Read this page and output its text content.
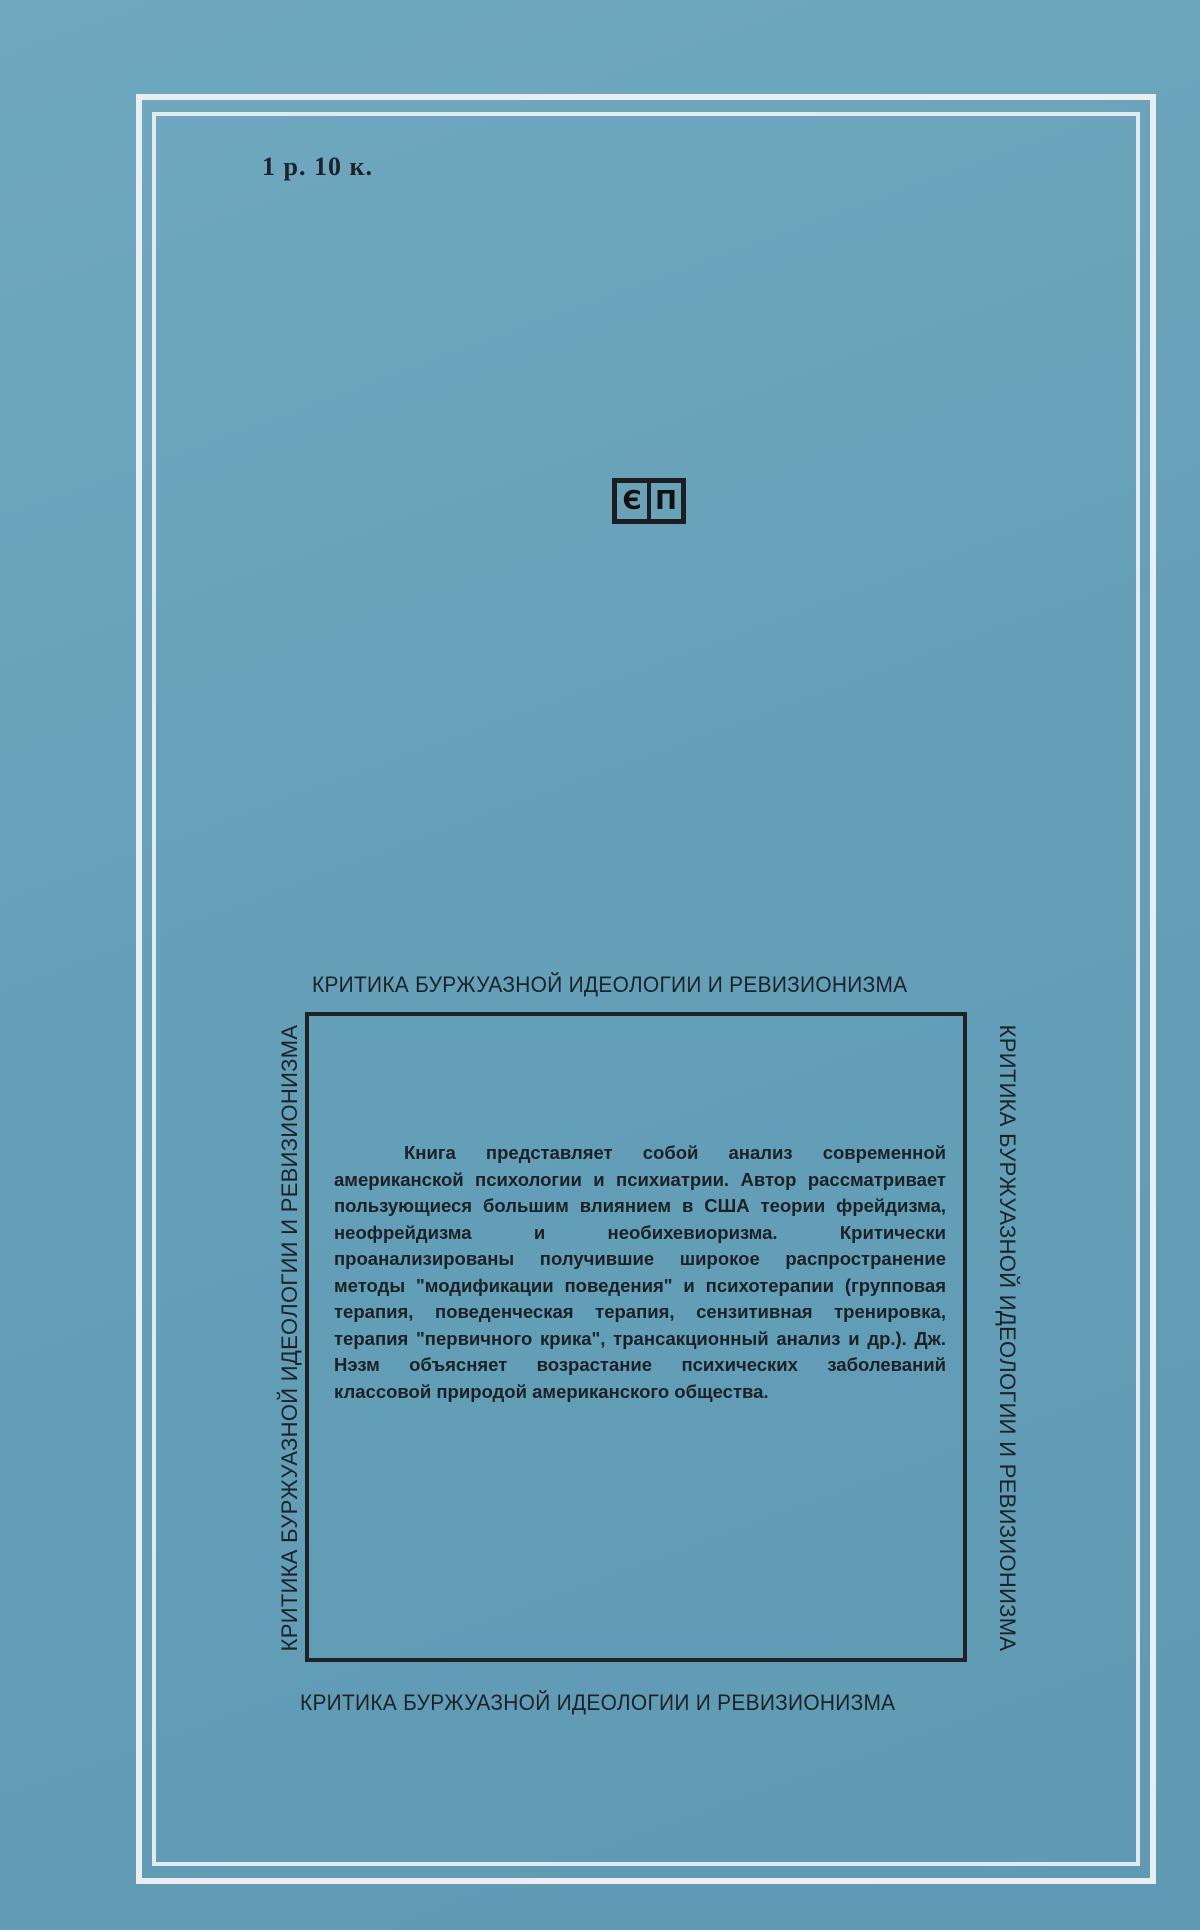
1 р. 10 к.
Є П
КРИТИКА БУРЖУАЗНОЙ ИДЕОЛОГИИ И РЕВИЗИОНИЗМА
КРИТИКА БУРЖУАЗНОЙ ИДЕОЛОГИИ И РЕВИЗИОНИЗМА	КРИТИКА БУРЖУАЗНОЙ ИДЕОЛОГИИ И РЕВИЗИОНИЗМА
КРИТИКА БУРЖУАЗНОЙ ИДЕОЛОГИИ И РЕВИЗИОНИЗМА
Книга представляет собой анализ современной американской психологии и психиатрии. Автор рассматривает пользующиеся большим влиянием в США теории фрейдизма, неофрейдизма и необихевиоризма. Критически проанализированы получившие широкое распространение методы "модификации поведения" и психотерапии (групповая терапия, поведенческая терапия, сензитивная тренировка, терапия "первичного крика", трансакционный анализ и др.). Дж. Нэзм объясняет возрастание психических заболеваний классовой природой американского общества.
